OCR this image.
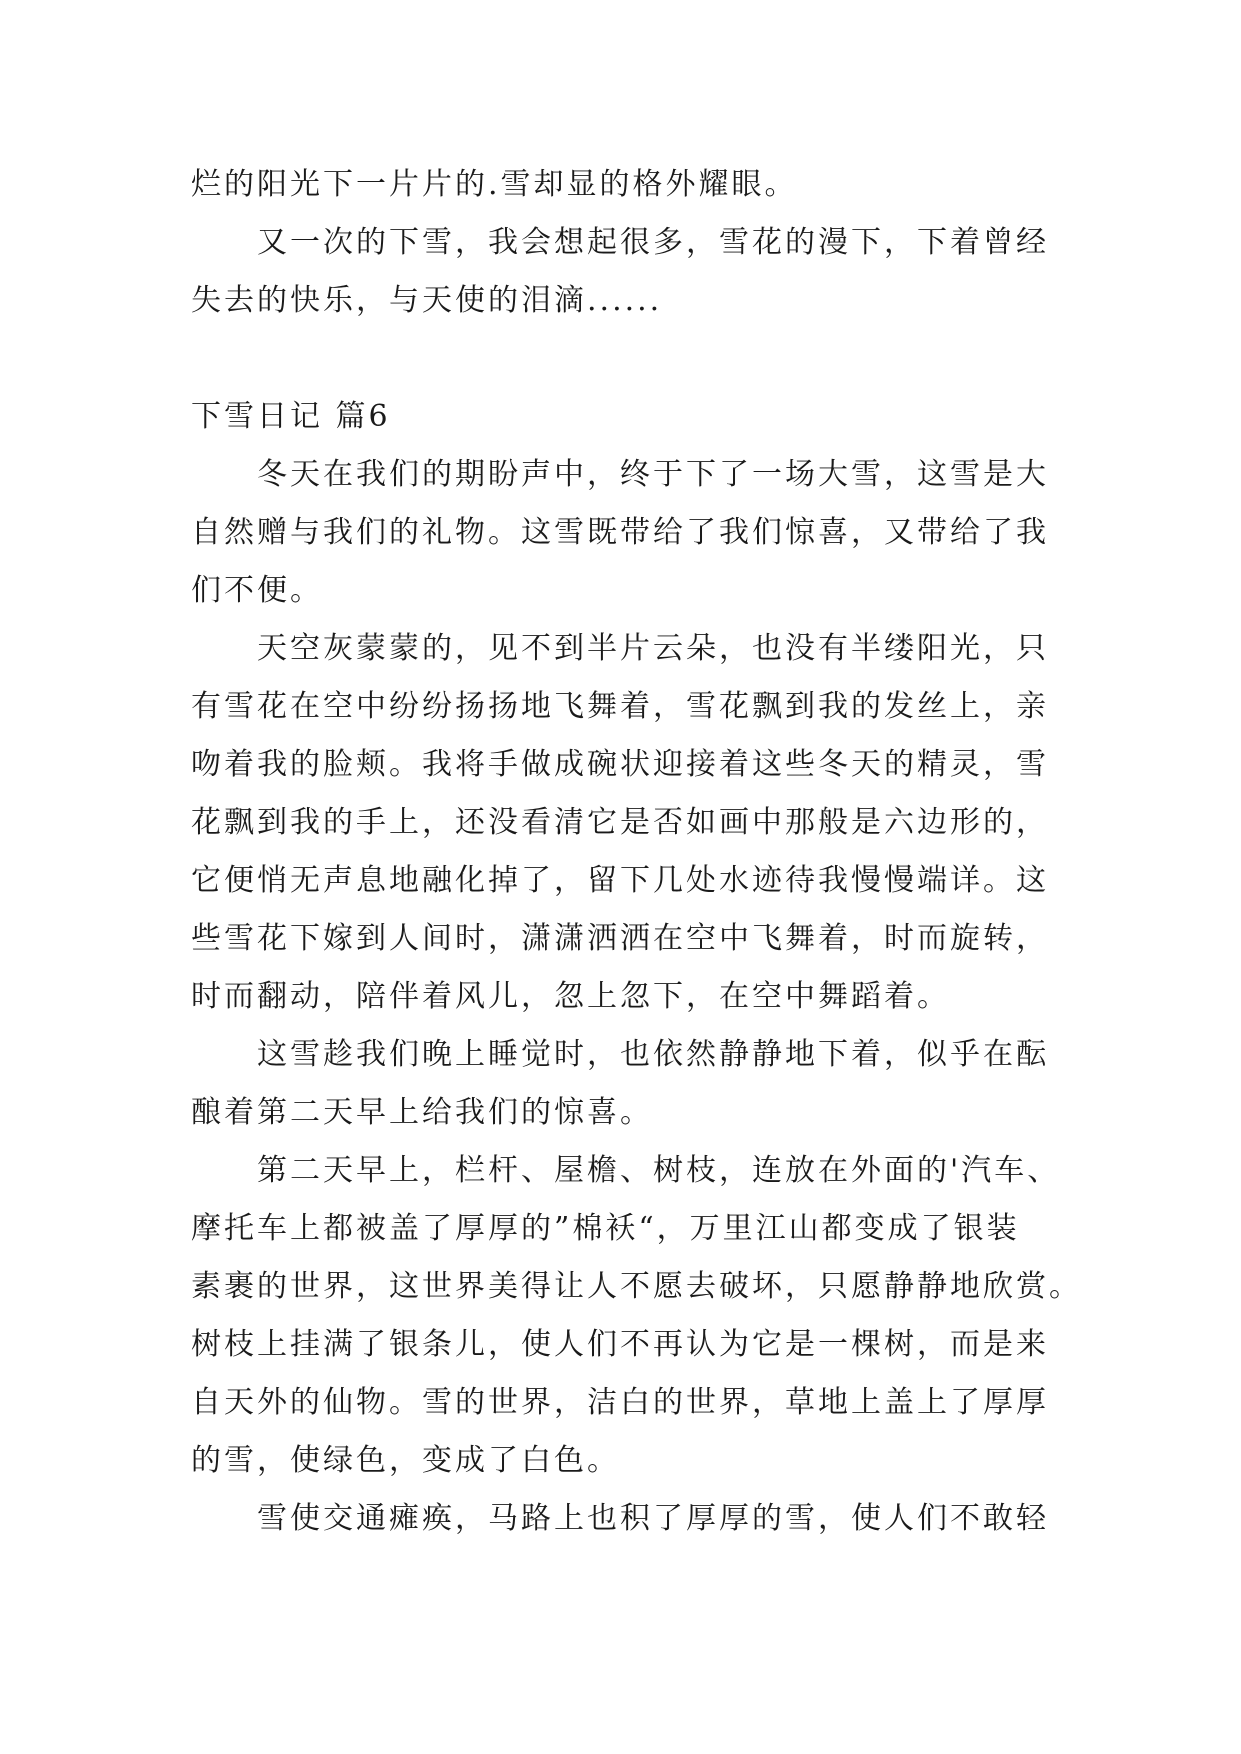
烂的阳光下一片片的.雪却显的格外耀眼。
又一次的下雪，我会想起很多，雪花的漫下，下着曾经
失去的快乐，与天使的泪滴......
下雪日记 篇6
冬天在我们的期盼声中，终于下了一场大雪，这雪是大
自然赠与我们的礼物。这雪既带给了我们惊喜，又带给了我
们不便。
天空灰蒙蒙的，见不到半片云朵，也没有半缕阳光，只
有雪花在空中纷纷扬扬地飞舞着，雪花飘到我的发丝上，亲
吻着我的脸颊。我将手做成碗状迎接着这些冬天的精灵，雪
花飘到我的手上，还没看清它是否如画中那般是六边形的，
它便悄无声息地融化掉了，留下几处水迹待我慢慢端详。这
些雪花下嫁到人间时，潇潇洒洒在空中飞舞着，时而旋转，
时而翻动，陪伴着风儿，忽上忽下，在空中舞蹈着。
这雪趁我们晚上睡觉时，也依然静静地下着，似乎在酝
酿着第二天早上给我们的惊喜。
第二天早上，栏杆、屋檐、树枝，连放在外面的'汽车、
摩托车上都被盖了厚厚的”棉袄“，万里江山都变成了银装
素裹的世界，这世界美得让人不愿去破坏，只愿静静地欣赏。
树枝上挂满了银条儿，使人们不再认为它是一棵树，而是来
自天外的仙物。雪的世界，洁白的世界，草地上盖上了厚厚
的雪，使绿色，变成了白色。
雪使交通瘫痪，马路上也积了厚厚的雪，使人们不敢轻
